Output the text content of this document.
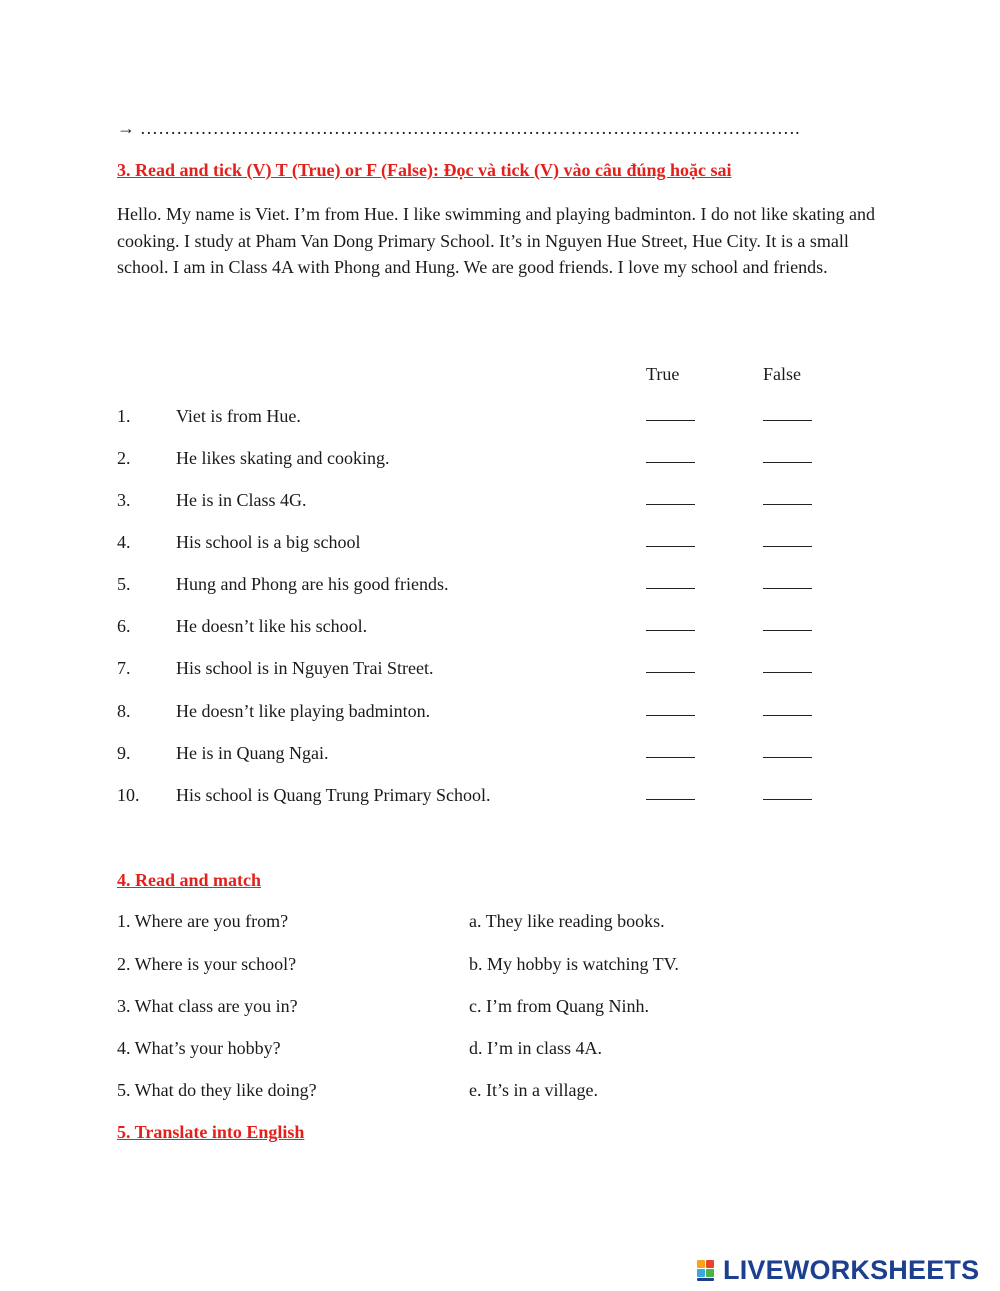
→ ……………………………………………………………………………………………….
3. Read and tick (V) T (True) or F (False): Đọc và tick (V) vào câu đúng hoặc sai
Hello. My name is Viet. I’m from Hue. I like swimming and playing badminton. I do not like skating and cooking. I study at Pham Van Dong Primary School. It’s in Nguyen Hue Street, Hue City. It is a small school. I am in Class 4A with Phong and Hung. We are good friends. I love my school and friends.
True	False
1.	Viet is from Hue.
2.	He likes skating and cooking.
3.	He is in Class 4G.
4.	His school is a big school
5.	Hung and Phong are his good friends.
6.	He doesn’t like his school.
7.	His school is in Nguyen Trai Street.
8.	He doesn’t like playing badminton.
9.	He is in Quang Ngai.
10. His school is Quang Trung Primary School.
4. Read and match
1. Where are you from?	a. They like reading books.
2. Where is your school?	b. My hobby is watching TV.
3. What class are you in?	c. I’m from Quang Ninh.
4. What’s your hobby?	d. I’m in class 4A.
5. What do they like doing?	e. It’s in a village.
5. Translate into English
LIVEWORKSHEETS
